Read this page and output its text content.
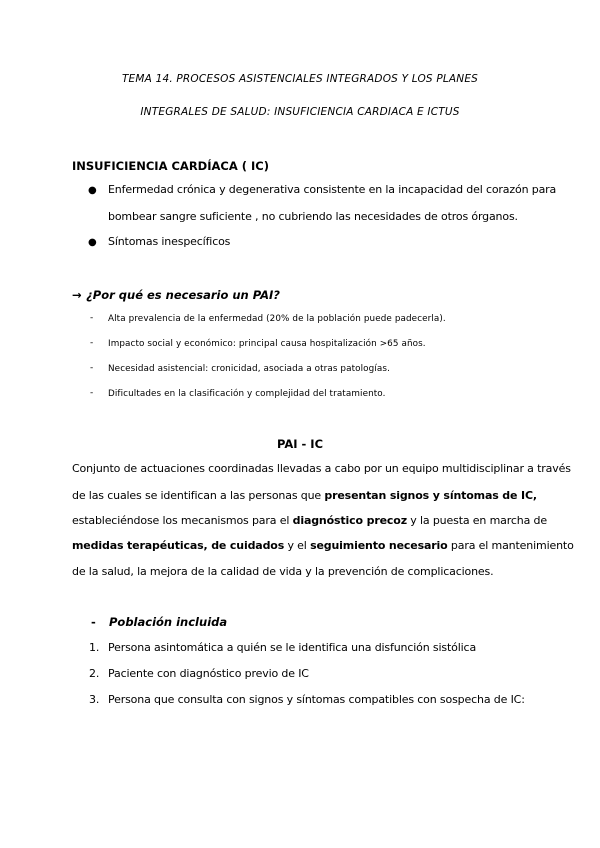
TEMA 14. PROCESOS ASISTENCIALES INTEGRADOS Y LOS PLANES
INTEGRALES DE SALUD: INSUFICIENCIA CARDIACA E ICTUS
INSUFICIENCIA CARDÍACA ( IC)
● Enfermedad crónica y degenerativa consistente en la incapacidad del corazón para
bombear sangre suficiente , no cubriendo las necesidades de otros órganos.
● Síntomas inespecíficos
→ ¿Por qué es necesario un PAI?
- Alta prevalencia de la enfermedad (20% de la población puede padecerla).
- Impacto social y económico: principal causa hospitalización >65 años.
- Necesidad asistencial: cronicidad, asociada a otras patologías.
- Dificultades en la clasificación y complejidad del tratamiento.
PAI - IC
Conjunto de actuaciones coordinadas llevadas a cabo por un equipo multidisciplinar a través
de las cuales se identifican a las personas que presentan signos y síntomas de IC,
estableciéndose los mecanismos para el diagnóstico precoz y la puesta en marcha de
medidas terapéuticas, de cuidados y el seguimiento necesario para el mantenimiento
de la salud, la mejora de la calidad de vida y la prevención de complicaciones.
- Población incluida
1. Persona asintomática a quién se le identifica una disfunción sistólica
2. Paciente con diagnóstico previo de IC
3. Persona que consulta con signos y síntomas compatibles con sospecha de IC:
